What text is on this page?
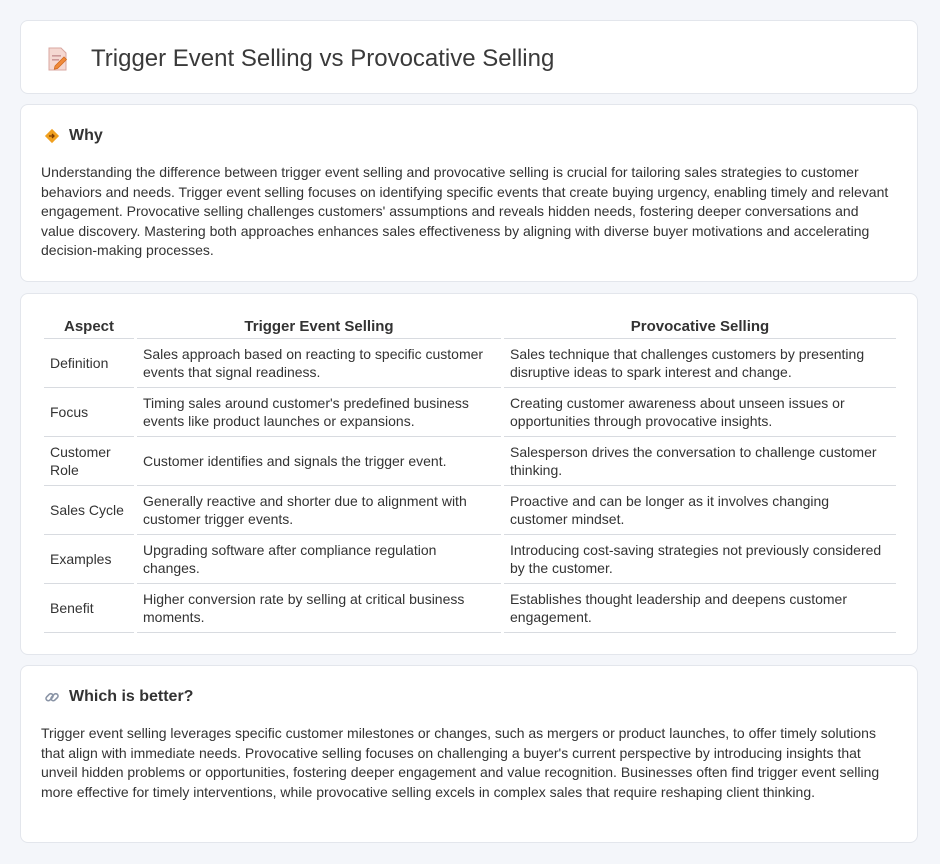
Trigger Event Selling vs Provocative Selling
Why

Understanding the difference between trigger event selling and provocative selling is crucial for tailoring sales strategies to customer behaviors and needs. Trigger event selling focuses on identifying specific events that create buying urgency, enabling timely and relevant engagement. Provocative selling challenges customers' assumptions and reveals hidden needs, fostering deeper conversations and value discovery. Mastering both approaches enhances sales effectiveness by aligning with diverse buyer motivations and accelerating decision-making processes.

Aspect	Trigger Event Selling	Provocative Selling
Definition	Sales approach based on reacting to specific customer events that signal readiness.	Sales technique that challenges customers by presenting disruptive ideas to spark interest and change.
Focus	Timing sales around customer's predefined business events like product launches or expansions.	Creating customer awareness about unseen issues or opportunities through provocative insights.
Customer Role	Customer identifies and signals the trigger event.	Salesperson drives the conversation to challenge customer thinking.
Sales Cycle	Generally reactive and shorter due to alignment with customer trigger events.	Proactive and can be longer as it involves changing customer mindset.
Examples	Upgrading software after compliance regulation changes.	Introducing cost-saving strategies not previously considered by the customer.
Benefit	Higher conversion rate by selling at critical business moments.	Establishes thought leadership and deepens customer engagement.
Which is better?

Trigger event selling leverages specific customer milestones or changes, such as mergers or product launches, to offer timely solutions that align with immediate needs. Provocative selling focuses on challenging a buyer's current perspective by introducing insights that unveil hidden problems or opportunities, fostering deeper engagement and value recognition. Businesses often find trigger event selling more effective for timely interventions, while provocative selling excels in complex sales that require reshaping client thinking.
